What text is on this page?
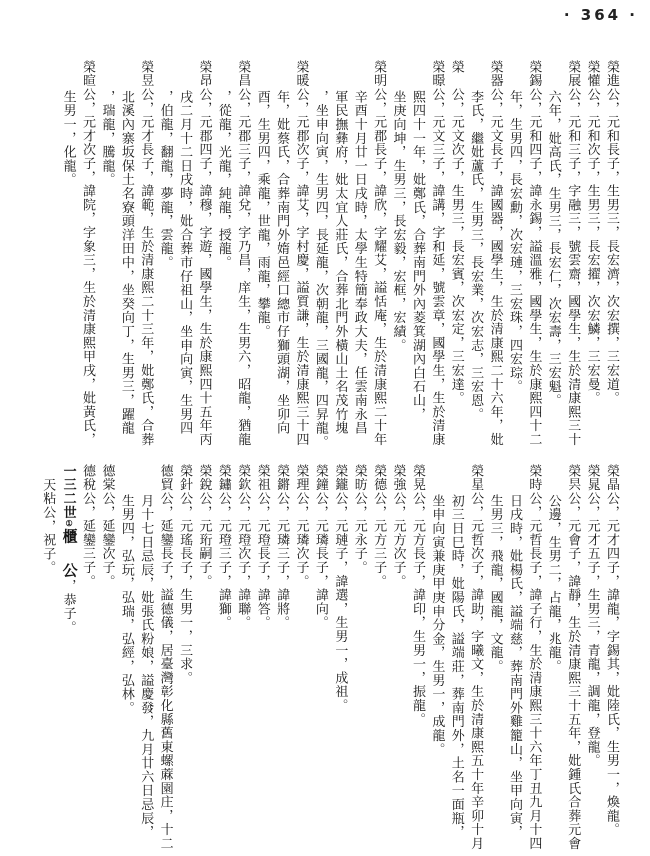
· 364 ·
榮進公，元和長子，生男三，長宏濟，次宏撰，三宏道。
榮懽公，元和次子，生男三，長宏擢，次宏鱗，三宏曼。
榮展公，元和三子，字融三，號雲齋，國學生，生於清康熙三十
六年，妣高氏，生男三，長宏仁，次宏壽，三宏魁。
榮錫公，元和四子，諱永錫，謚溫雅，國學生，生於康熙四十二
年，生男四，長宏勳，次宏璉，三宏珠，四宏琮。
榮器公，元文長子，諱國器，國學生，生於清康熙二十六年，妣
李氏，繼妣蘆氏，生男三，長宏業，次宏志，三宏恩。
榮　公，元文次子，生男三，長宏賓，次宏定，三宏達。
榮暻公，元文三子，諱講，字和延，號雲章，國學生，生於清康
熙四十一年，妣鄭氏，合葬南門外內菱箕湖內白石山，
坐庚向坤，生男三，長宏毅，宏框，宏績。
榮明公，元郡長子，諱欣，字耀艾，謚恬庵，生於清康熙二十年
辛酉十月廿一日戌時，太學生特簡奉政大夫，任雲南永昌
軍民撫彝府，妣太宜人莊氏，合葬北門外橫山土名茂竹塊
，坐申向寅，生男四，長延龍，次朝龍，三國龍，四昇龍。
榮暖公，元郡次子，諱艾，字村慶，謚質謙，生於清康熙三十四
年，妣蔡氏，合葬南門外媠邑經口總市仔獅頭湖，坐卯向
酉，生男四，乘龍，世龍，雨龍，攀龍。
榮昌公，元郡三子，諱兌，字乃昌，庠生，生男六，昭龍，猶龍
，從龍，光龍，純龍，授龍。
榮昂公，元郡四子，諱穆，字遊，國學生，生於康熙四十五年丙
戌二月十二日戌時，妣合葬市仔祖山，坐申向寅，生男四
，伯龍，翻龍，夢龍，雲龍。
榮昱公，元才長子，諱範，生於清康熙二十三年，妣鄭氏，合葬
北溪內寨坂保土名寮頭洋田中，坐癸向丁，生男三，躍龍
，瑞龍，騰龍。
榮暄公，元才次子，諱院，字象三，生於清康熙甲戌，妣黃氏，
生男一，化龍。
榮晶公，元才四子，諱龍，字錫其，妣陸氏，生男一，煥龍。
榮晁公，元才五子，生男三，青龍，調龍，登龍。
榮昗公，元會子，諱靜，生於清康熙三十五年，妣鍾氏合葬元會
公邊，生男二，占龍，兆龍。
榮時公，元哲長子，諱子行，生於清康熙三十六年丁丑九月十四
日戌時，妣楊氏，謚端慈，葬南門外雞籠山，坐甲向寅，
生男三，飛龍，國龍，文龍。
榮星公，元哲次子，諱助，字曦文，生於清康熙五十年辛卯十月
初三日巳時，妣陽氏，謚端莊，葬南門外，土名一面瓶，
坐申向寅兼庚甲庚申分金，生男一，成龍。
榮晃公，元方長子，諱印，生男一，振龍。
榮強公，元方次子。
榮德公，元方三子。
榮昉公，元永子。
榮鑨公，元璉子，諱選，生男一，成祖。
榮鐘公，元璘長子，諱向。
榮理公，元璘次子。
榮鏘公，元璘三子，諱將。
榮祖公，元璒長子，諱答。
榮欽公，元璒次子，諱聯。
榮鏽公，元璒三子，諱獅。
榮銳公，元珩嗣子。
榮針公，元瑤長子，生男一，三求。
德貿公，延鑾長子，謚德儀，居臺灣彰化縣舊東螺蔴園庄，十二
月十七日忌辰，妣張氏粉娘，謚慶發，九月廿六日忌辰，
生男四，弘玩，弘瑞，弘經，弘林。
德棠公，延鑾次子。
德稅公，延鑾三子。
一三二世①櫃　公，恭子。
天粘公，祝子。
